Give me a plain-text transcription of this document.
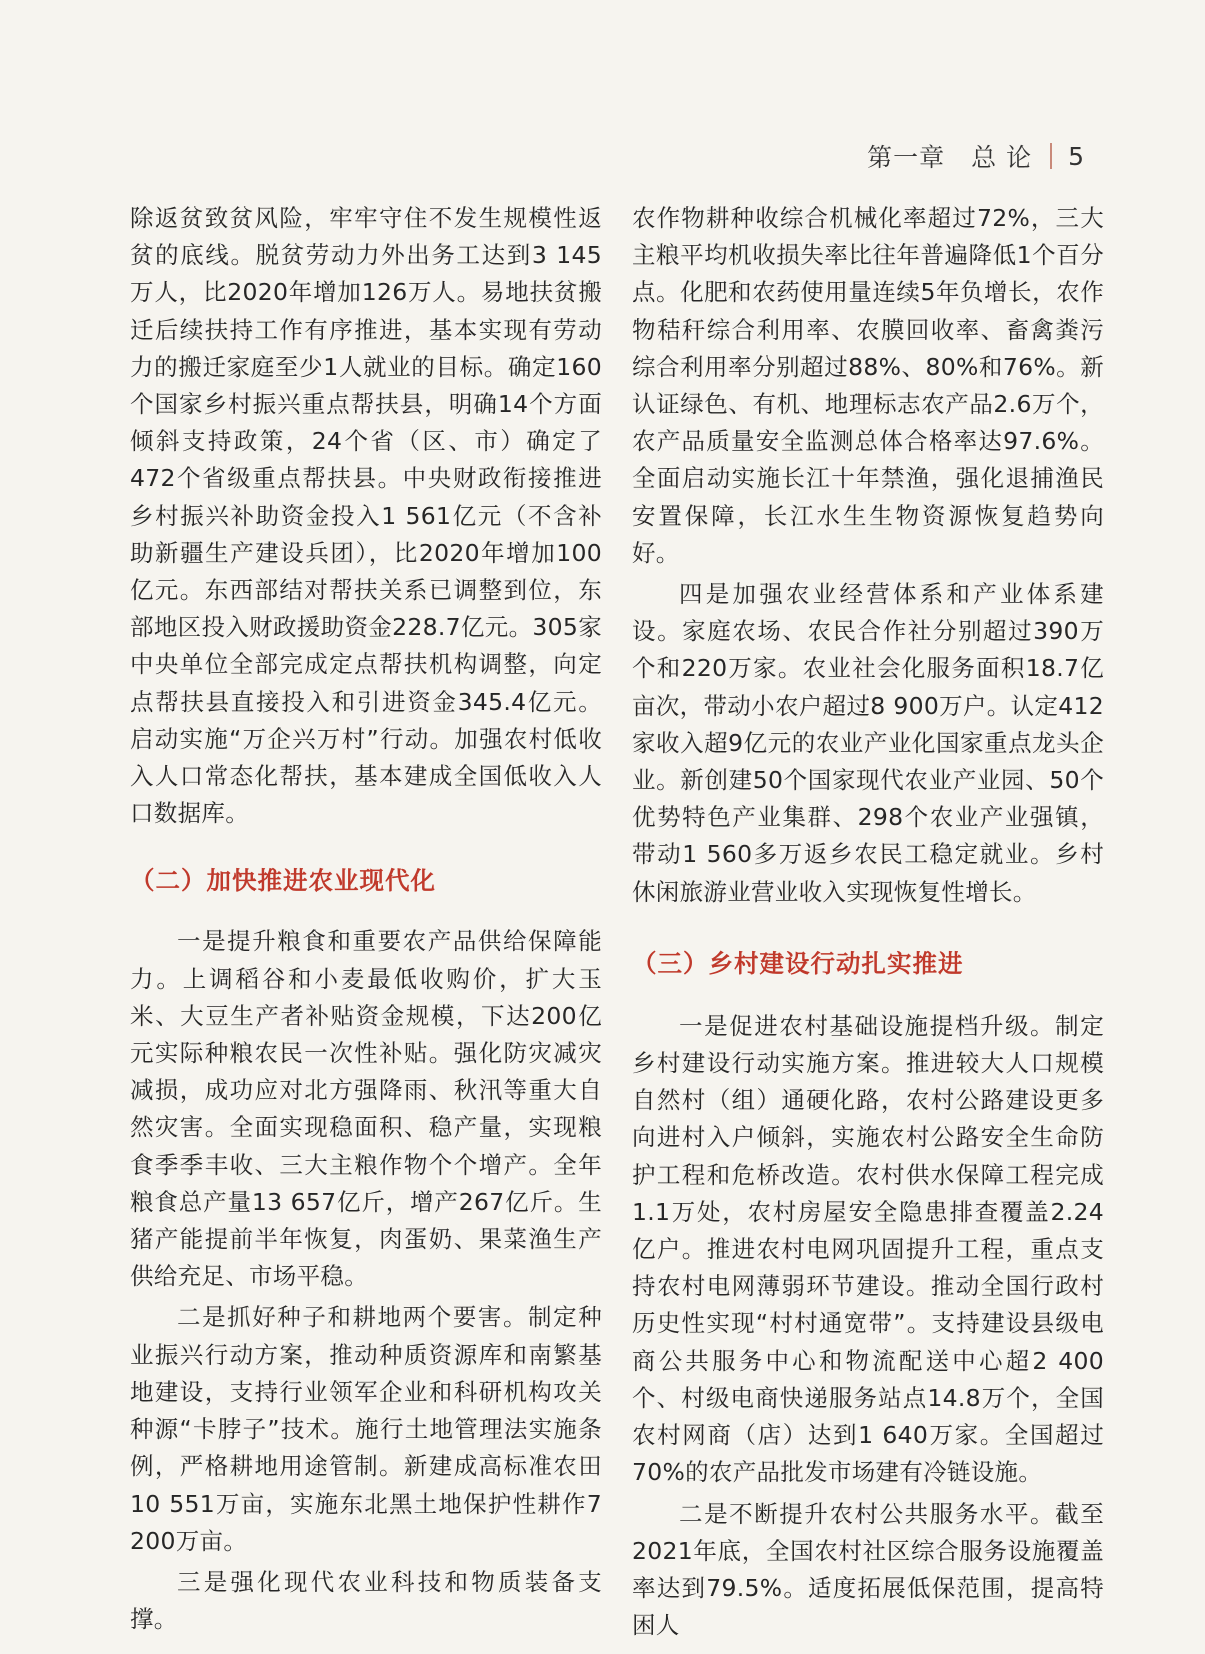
第一章　总 论 5

除返贫致贫风险，牢牢守住不发生规模性返贫的底线。脱贫劳动力外出务工达到3 145万人，比2020年增加126万人。易地扶贫搬迁后续扶持工作有序推进，基本实现有劳动力的搬迁家庭至少1人就业的目标。确定160个国家乡村振兴重点帮扶县，明确14个方面倾斜支持政策，24个省（区、市）确定了472个省级重点帮扶县。中央财政衔接推进乡村振兴补助资金投入1 561亿元（不含补助新疆生产建设兵团），比2020年增加100亿元。东西部结对帮扶关系已调整到位，东部地区投入财政援助资金228.7亿元。305家中央单位全部完成定点帮扶机构调整，向定点帮扶县直接投入和引进资金345.4亿元。启动实施“万企兴万村”行动。加强农村低收入人口常态化帮扶，基本建成全国低收入人口数据库。

（二）加快推进农业现代化

一是提升粮食和重要农产品供给保障能力。上调稻谷和小麦最低收购价，扩大玉米、大豆生产者补贴资金规模，下达200亿元实际种粮农民一次性补贴。强化防灾减灾减损，成功应对北方强降雨、秋汛等重大自然灾害。全面实现稳面积、稳产量，实现粮食季季丰收、三大主粮作物个个增产。全年粮食总产量13 657亿斤，增产267亿斤。生猪产能提前半年恢复，肉蛋奶、果菜渔生产供给充足、市场平稳。

二是抓好种子和耕地两个要害。制定种业振兴行动方案，推动种质资源库和南繁基地建设，支持行业领军企业和科研机构攻关种源“卡脖子”技术。施行土地管理法实施条例，严格耕地用途管制。新建成高标准农田10 551万亩，实施东北黑土地保护性耕作7 200万亩。

三是强化现代农业科技和物质装备支撑。

农作物耕种收综合机械化率超过72%，三大主粮平均机收损失率比往年普遍降低1个百分点。化肥和农药使用量连续5年负增长，农作物秸秆综合利用率、农膜回收率、畜禽粪污综合利用率分别超过88%、80%和76%。新认证绿色、有机、地理标志农产品2.6万个，农产品质量安全监测总体合格率达97.6%。全面启动实施长江十年禁渔，强化退捕渔民安置保障，长江水生生物资源恢复趋势向好。

四是加强农业经营体系和产业体系建设。家庭农场、农民合作社分别超过390万个和220万家。农业社会化服务面积18.7亿亩次，带动小农户超过8 900万户。认定412家收入超9亿元的农业产业化国家重点龙头企业。新创建50个国家现代农业产业园、50个优势特色产业集群、298个农业产业强镇，带动1 560多万返乡农民工稳定就业。乡村休闲旅游业营业收入实现恢复性增长。

（三）乡村建设行动扎实推进

一是促进农村基础设施提档升级。制定乡村建设行动实施方案。推进较大人口规模自然村（组）通硬化路，农村公路建设更多向进村入户倾斜，实施农村公路安全生命防护工程和危桥改造。农村供水保障工程完成1.1万处，农村房屋安全隐患排查覆盖2.24亿户。推进农村电网巩固提升工程，重点支持农村电网薄弱环节建设。推动全国行政村历史性实现“村村通宽带”。支持建设县级电商公共服务中心和物流配送中心超2 400个、村级电商快递服务站点14.8万个，全国农村网商（店）达到1 640万家。全国超过70%的农产品批发市场建有冷链设施。

二是不断提升农村公共服务水平。截至2021年底，全国农村社区综合服务设施覆盖率达到79.5%。适度拓展低保范围，提高特困人
